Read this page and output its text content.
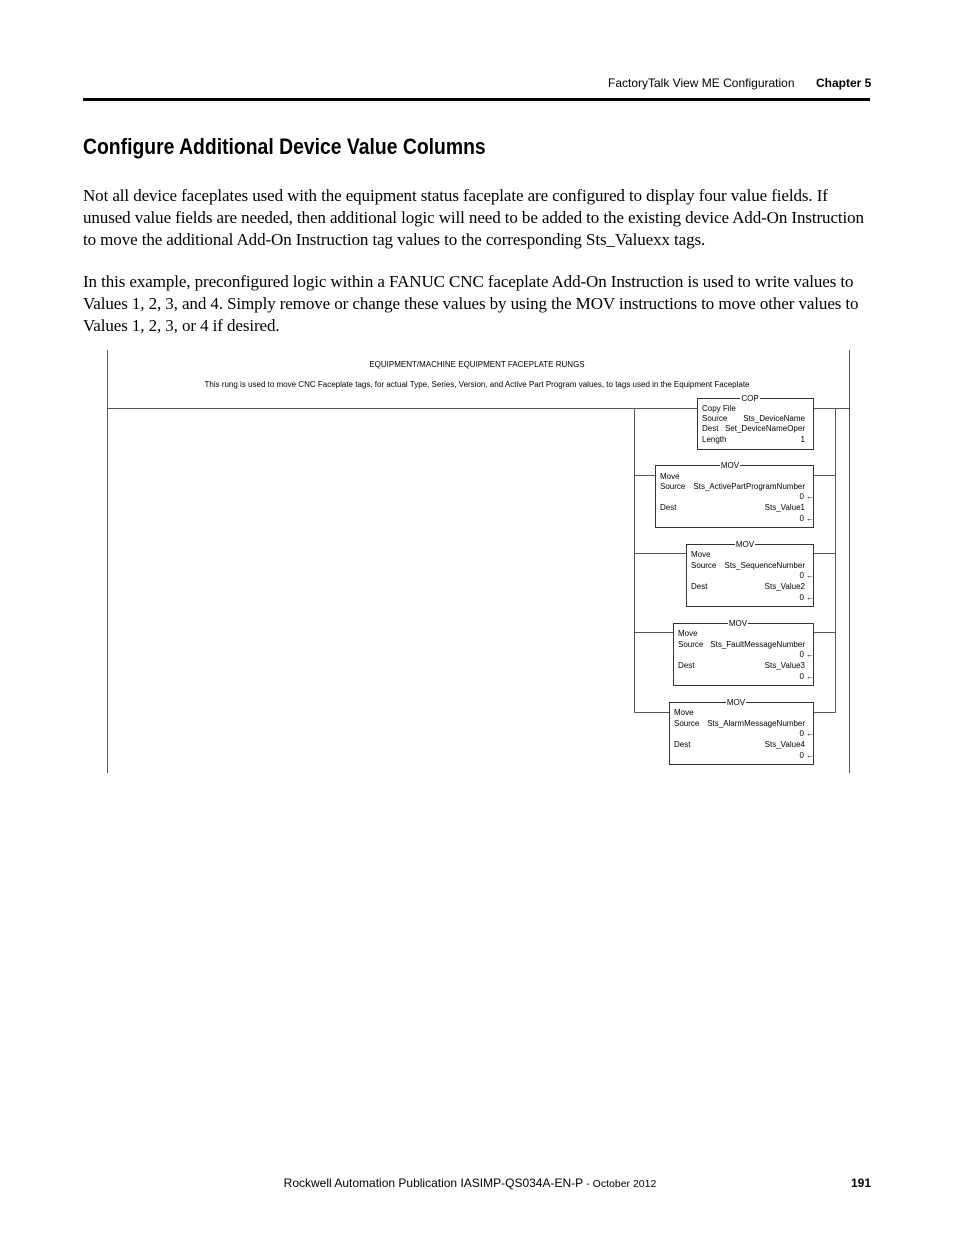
FactoryTalk View ME Configuration Chapter 5
Configure Additional Device Value Columns

Not all device faceplates used with the equipment status faceplate are configured to display four value fields. If unused value fields are needed, then additional logic will need to be added to the existing device Add-On Instruction to move the additional Add-On Instruction tag values to the corresponding Sts_Valuexx tags.

In this example, preconfigured logic within a FANUC CNC faceplate Add-On Instruction is used to write values to Values 1, 2, 3, and 4. Simply remove or change these values by using the MOV instructions to move other values to Values 1, 2, 3, or 4 if desired.

EQUIPMENT/MACHINE EQUIPMENT FACEPLATE RUNGS
This rung is used to move CNC Faceplate tags, for actual Type, Series, Version, and Active Part Program values, to tags used in the Equipment Faceplate
COP
Copy File
Source Sts_DeviceName
Dest Set_DeviceNameOper
Length	1
MOV
Move
Source Sts_ActivePartProgramNumber
0 ←
Dest	Sts_Value1
0 ←
MOV
Move
Source Sts_SequenceNumber
0 ←
Dest	Sts_Value2
0 ←
MOV
Move
Source Sts_FaultMessageNumber
0 ←
Dest	Sts_Value3
0 ←
MOV
Move
Source Sts_AlarmMessageNumber
0 ←
Dest	Sts_Value4
0 ←
Rockwell Automation Publication IASIMP-QS034A-EN-P - October 2012	191
